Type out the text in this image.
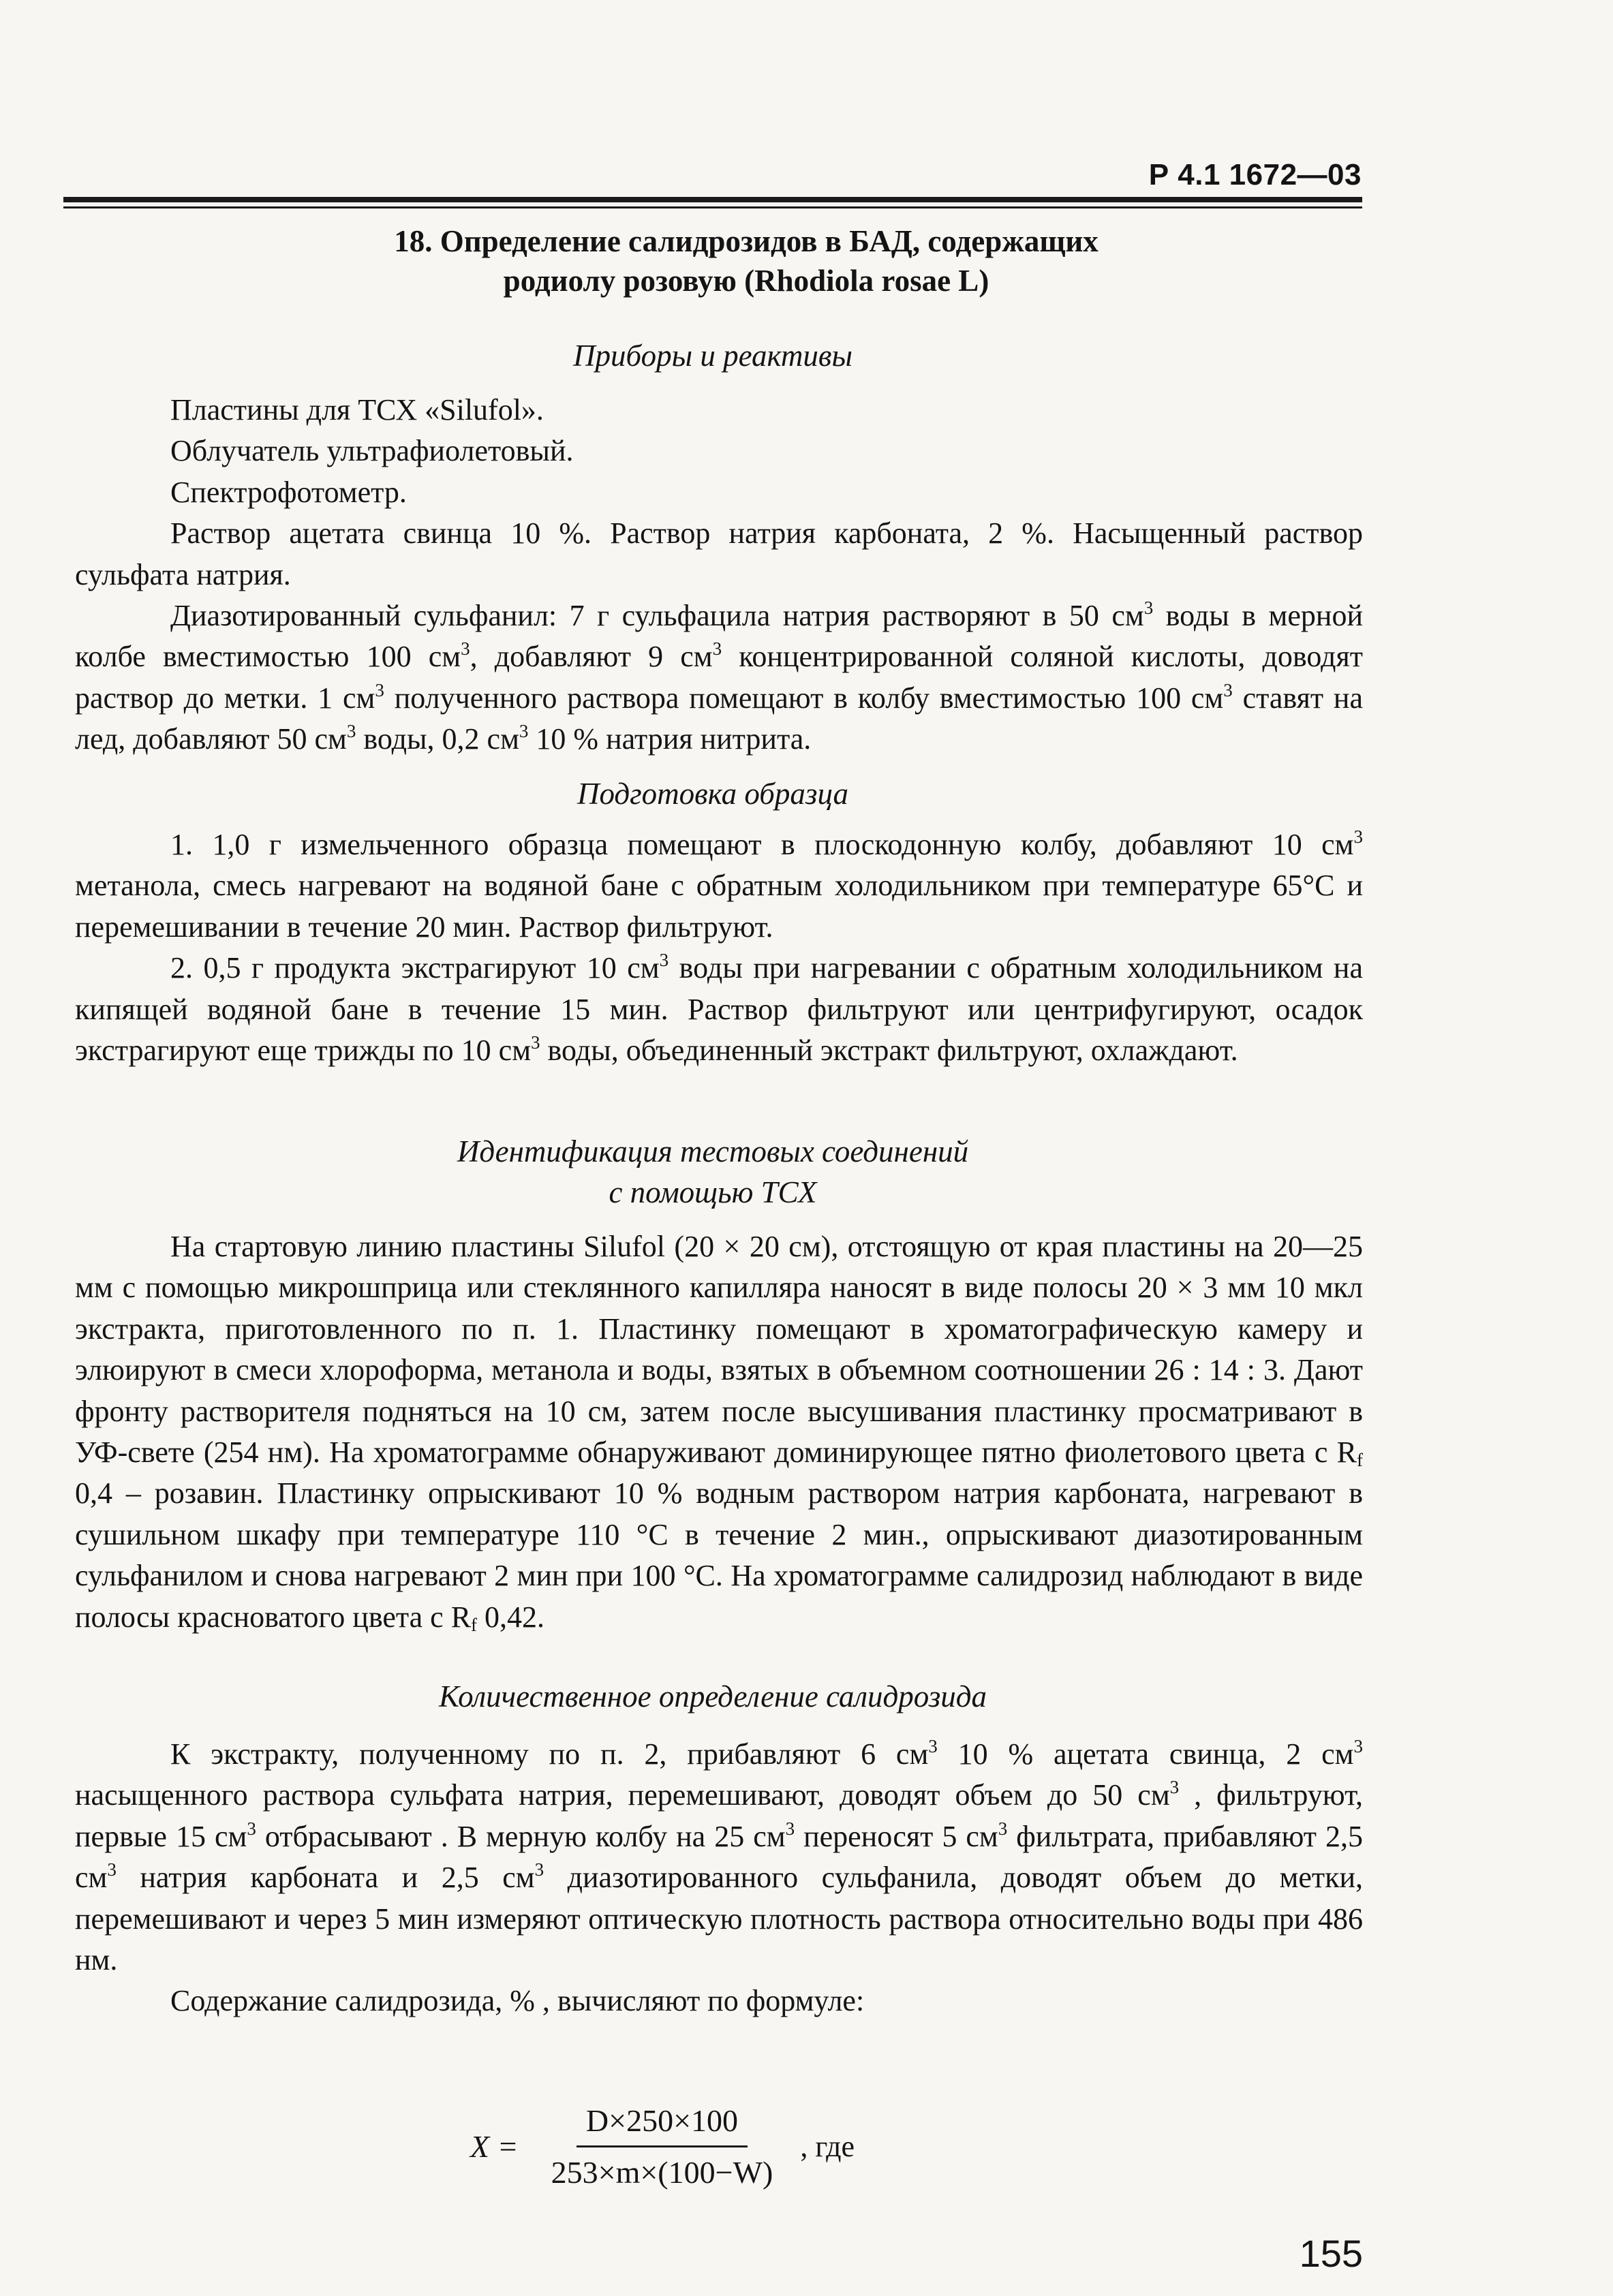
Р 4.1 1672—03
18. Определение салидрозидов в БАД, содержащих
родиолу розовую (Rhodiola rosae L)
Приборы и реактивы

Пластины для ТСХ «Silufol».

Облучатель ультрафиолетовый.

Спектрофотометр.

Раствор ацетата свинца 10 %. Раствор натрия карбоната, 2 %. Насыщенный раствор сульфата натрия.

Диазотированный сульфанил: 7 г сульфацила натрия растворяют в 50 $см^3$ воды в мерной колбе вместимостью 100 $см^3$, добавляют 9 $см^3$ концентрированной соляной кислоты, доводят раствор до метки. 1 $см^3$ полученного раствора помещают в колбу вместимостью 100 $см^3$ ставят на лед, добавляют 50 $см^3$ воды, 0,2 $см^3$ 10 % натрия нитрита.

Подготовка образца

1. 1,0 г измельченного образца помещают в плоскодонную колбу, добавляют 10 $см^3$ метанола, смесь нагревают на водяной бане с обратным холодильником при температуре 65°С и перемешивании в течение 20 мин. Раствор фильтруют.

2. 0,5 г продукта экстрагируют 10 $см^3$ воды при нагревании с обратным холодильником на кипящей водяной бане в течение 15 мин. Раствор фильтруют или центрифугируют, осадок экстрагируют еще трижды по 10 $см^3$ воды, объединенный экстракт фильтруют, охлаждают.

Идентификация тестовых соединений
с помощью ТСХ

На стартовую линию пластины Silufol (20 × 20 см), отстоящую от края пластины на 20—25 мм с помощью микрошприца или стеклянного капилляра наносят в виде полосы 20 × 3 мм 10 мкл экстракта, приготовленного по п. 1. Пластинку помещают в хроматографическую камеру и элюируют в смеси хлороформа, метанола и воды, взятых в объемном соотношении 26 : 14 : 3. Дают фронту растворителя подняться на 10 см, затем после высушивания пластинку просматривают в УФ-свете (254 нм). На хроматограмме обнаруживают доминирующее пятно фиолетового цвета с $R_f$ 0,4 – розавин. Пластинку опрыскивают 10 % водным раствором натрия карбоната, нагревают в сушильном шкафу при температуре 110 °С в течение 2 мин., опрыскивают диазотированным сульфанилом и снова нагревают 2 мин при 100 °С. На хроматограмме салидрозид наблюдают в виде полосы красноватого цвета с $R_f$ 0,42.

Количественное определение салидрозида

К экстракту, полученному по п. 2, прибавляют 6 $см^3$ 10 % ацетата свинца, 2 $см^3$ насыщенного раствора сульфата натрия, перемешивают, доводят объем до 50 $см^3$ , фильтруют, первые 15 $см^3$ отбрасывают . В мерную колбу на 25 $см^3$ переносят 5 $см^3$ фильтрата, прибавляют 2,5 $см^3$ натрия карбоната и 2,5 $см^3$ диазотированного сульфанила, доводят объем до метки, перемешивают и через 5 мин измеряют оптическую плотность раствора относительно воды при 486 нм.

Содержание салидрозида, % , вычисляют по формуле:

$X = \frac{D\times 250\times 100}{253\times m\times(100-W)}$ , где
155
